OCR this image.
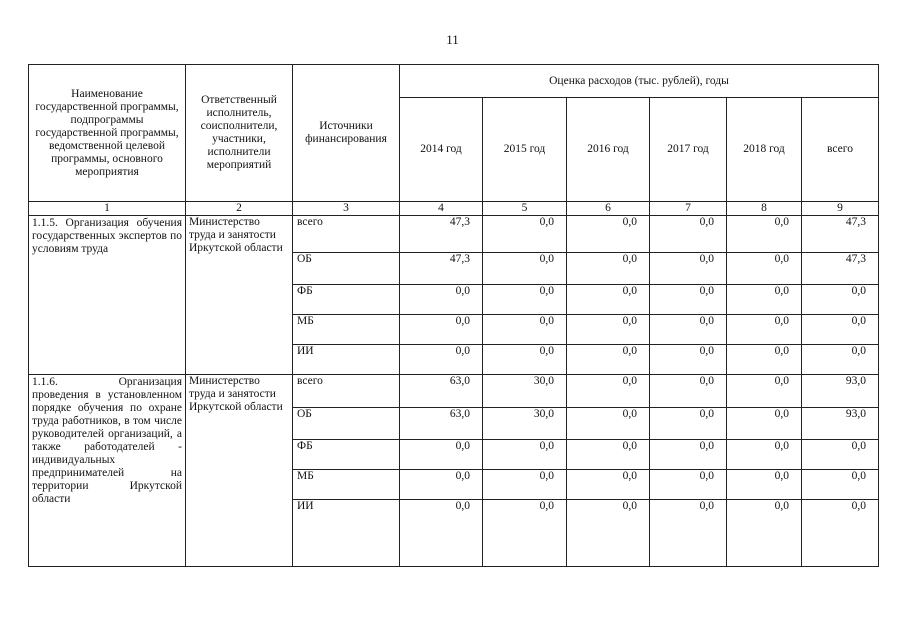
11
Наименование государственной программы, подпрограммы государственной программы, ведомственной целевой программы, основного мероприятия	Ответственный исполнитель, соисполнители, участники, исполнители мероприятий	Источники финансирования	Оценка расходов (тыс. рублей), годы					
			2014 год	2015 год	2016 год	2017 год	2018 год	всего
1	2	3	4	5	6	7	8	9
1.1.5. Организация обучения государственных экспертов по условиям труда	Министерство труда и занятости Иркутской области	всего	47,3	0,0	0,0	0,0	0,0	47,3
		ОБ	47,3	0,0	0,0	0,0	0,0	47,3
		ФБ	0,0	0,0	0,0	0,0	0,0	0,0
		МБ	0,0	0,0	0,0	0,0	0,0	0,0
		ИИ	0,0	0,0	0,0	0,0	0,0	0,0
1.1.6. Организация проведения в установленном порядке обучения по охране труда работников, в том числе руководителей организаций, а также работодателей - индивидуальных предпринимателей на территории Иркутской области	Министерство труда и занятости Иркутской области	всего	63,0	30,0	0,0	0,0	0,0	93,0
		ОБ	63,0	30,0	0,0	0,0	0,0	93,0
		ФБ	0,0	0,0	0,0	0,0	0,0	0,0
		МБ	0,0	0,0	0,0	0,0	0,0	0,0
		ИИ	0,0	0,0	0,0	0,0	0,0	0,0
